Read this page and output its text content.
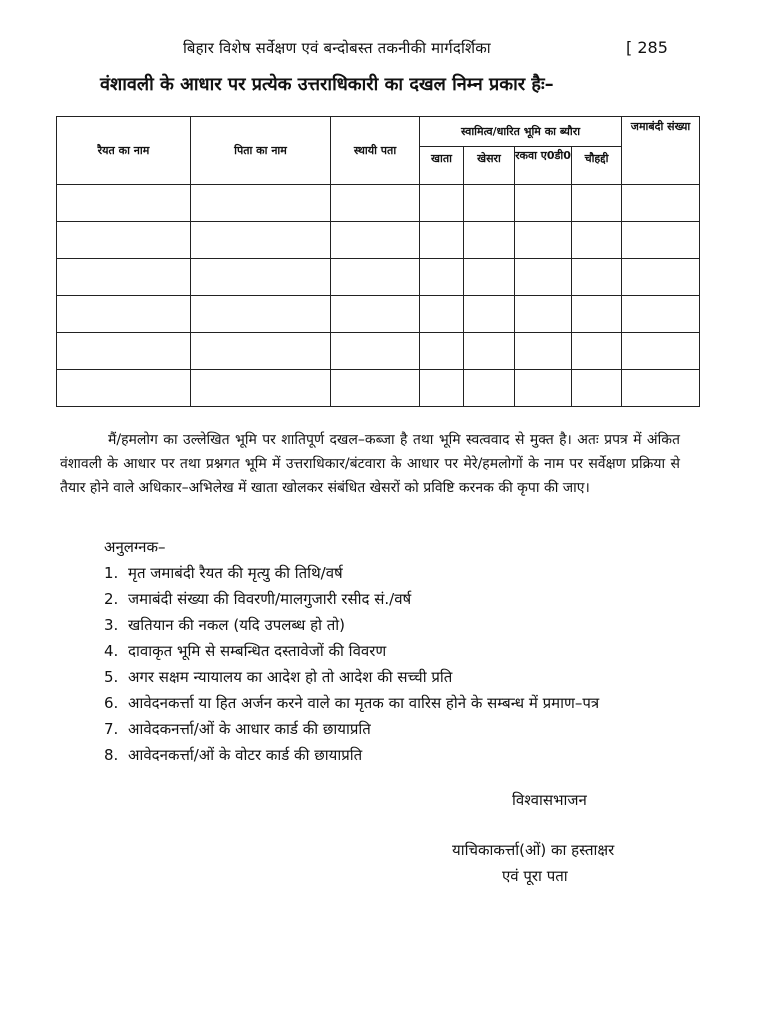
बिहार विशेष सर्वेक्षण एवं बन्दोबस्त तकनीकी मार्गदर्शिका	[ 285
वंशावली के आधार पर प्रत्येक उत्तराधिकारी का दखल निम्न प्रकार हैः–
रैयत का नाम	पिता का नाम	स्थायी पता	स्वामित्व/धारित भूमि का ब्यौरा				जमाबंदी संख्या
			खाता	खेसरा	रकवा ए0डी0	चौहद्दी	

मैं/हमलोग का उल्लेखित भूमि पर शातिपूर्ण दखल–कब्जा है तथा भूमि स्वत्ववाद से मुक्त है। अतः प्रपत्र में अंकित वंशावली के आधार पर तथा प्रश्नगत भूमि में उत्तराधिकार/बंटवारा के आधार पर मेरे/हमलोगों के नाम पर सर्वेक्षण प्रक्रिया से तैयार होने वाले अधिकार–अभिलेख में खाता खोलकर संबंधित खेसरों को प्रविष्टि करनक की कृपा की जाए।
अनुलग्नक–
1. मृत जमाबंदी रैयत की मृत्यु की तिथि/वर्ष
2. जमाबंदी संख्या की विवरणी/मालगुजारी रसीद सं./वर्ष
3. खतियान की नकल (यदि उपलब्ध हो तो)
4. दावाकृत भूमि से सम्बन्धित दस्तावेजों की विवरण
5. अगर सक्षम न्यायालय का आदेश हो तो आदेश की सच्ची प्रति
6. आवेदनकर्त्ता या हित अर्जन करने वाले का मृतक का वारिस होने के सम्बन्ध में प्रमाण–पत्र
7. आवेदकनर्त्ता/ओं के आधार कार्ड की छायाप्रति
8. आवेदनकर्त्ता/ओं के वोटर कार्ड की छायाप्रति
विश्वासभाजन
याचिकाकर्त्ता(ओं) का हस्ताक्षर
एवं पूरा पता
